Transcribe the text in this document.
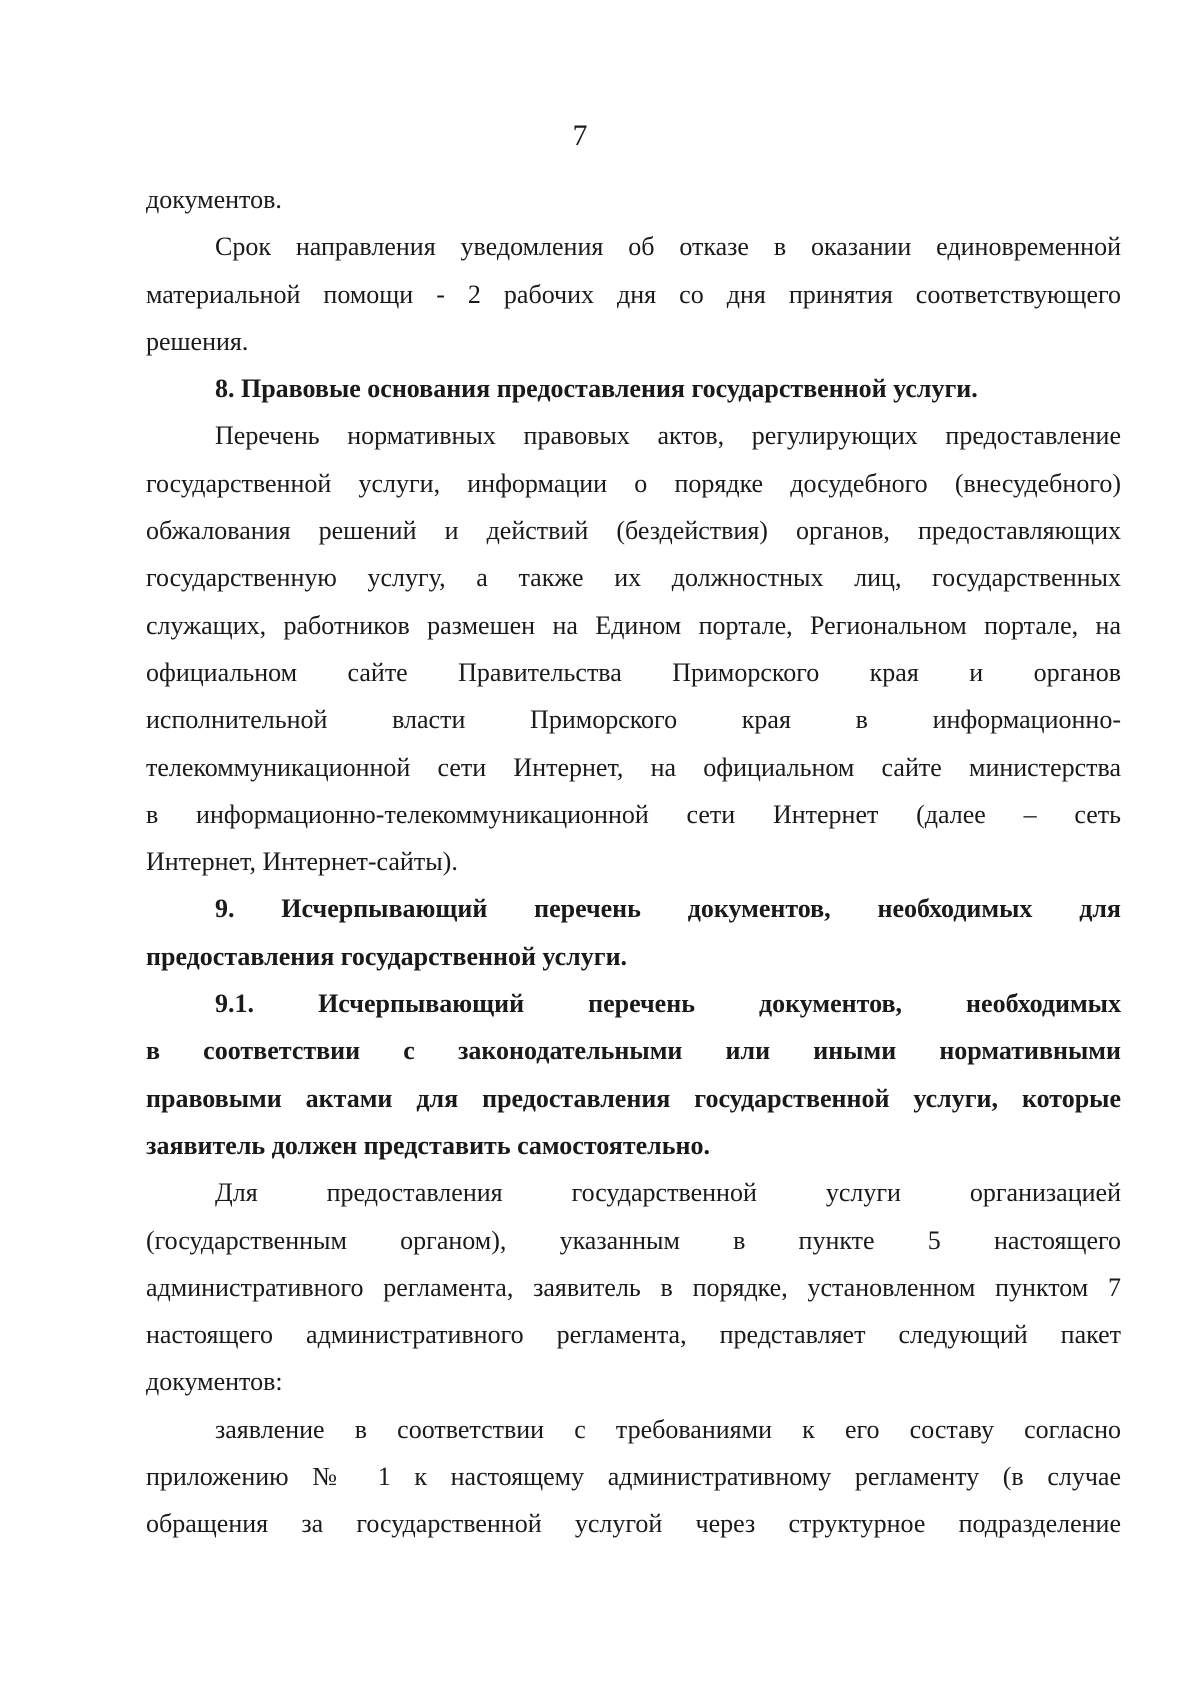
7
документов.
Срок направления уведомления об отказе в оказании единовременной
материальной помощи - 2 рабочих дня со дня принятия соответствующего
решения.
8. Правовые основания предоставления государственной услуги.
Перечень нормативных правовых актов, регулирующих предоставление
государственной услуги, информации о порядке досудебного (внесудебного)
обжалования решений и действий (бездействия) органов, предоставляющих
государственную услугу, а также их должностных лиц, государственных
служащих, работников размешен на Едином портале, Региональном портале, на
официальном сайте Правительства Приморского края и органов
исполнительной власти Приморского края в информационно-
телекоммуникационной сети Интернет, на официальном сайте министерства
в информационно-телекоммуникационной сети Интернет (далее – сеть
Интернет, Интернет-сайты).
9. Исчерпывающий перечень документов, необходимых для
предоставления государственной услуги.
9.1. Исчерпывающий перечень документов, необходимых
в соответствии с законодательными или иными нормативными
правовыми актами для предоставления государственной услуги, которые
заявитель должен представить самостоятельно.
Для предоставления государственной услуги организацией
(государственным органом), указанным в пункте 5 настоящего
административного регламента, заявитель в порядке, установленном пунктом 7
настоящего административного регламента, представляет следующий пакет
документов:
заявление в соответствии с требованиями к его составу согласно
приложению № 1 к настоящему административному регламенту (в случае
обращения за государственной услугой через структурное подразделение
